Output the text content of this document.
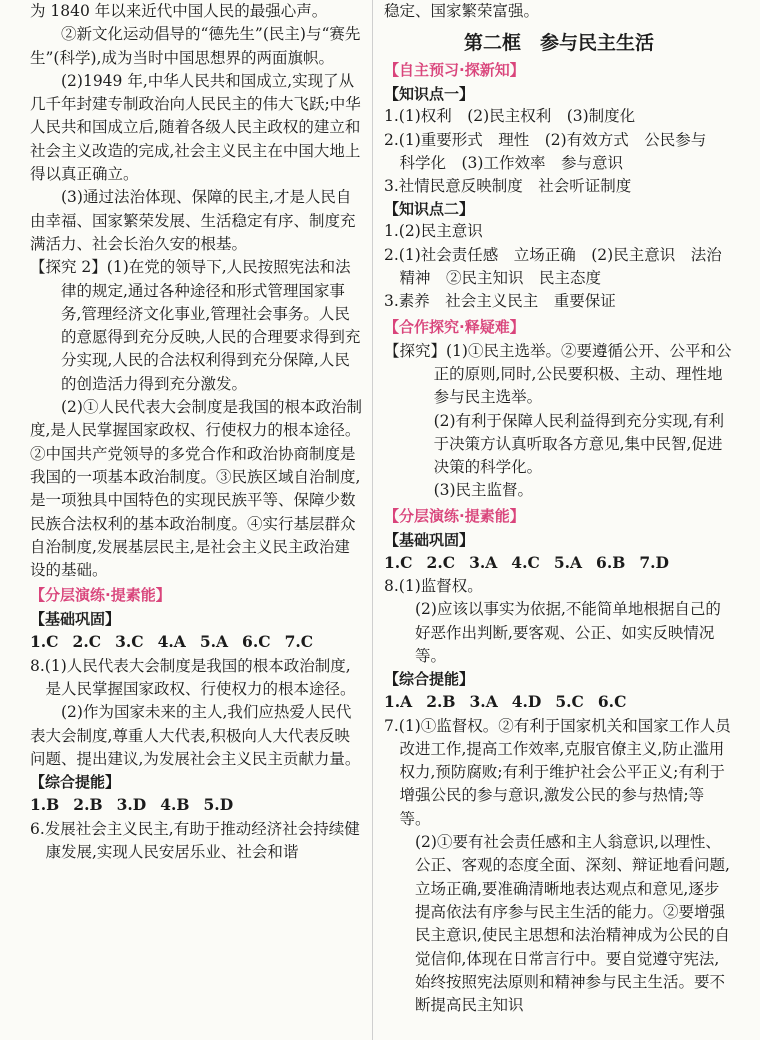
为 1840 年以来近代中国人民的最强心声。

②新文化运动倡导的“德先生”(民主)与“赛先生”(科学),成为当时中国思想界的两面旗帜。

(2)1949 年,中华人民共和国成立,实现了从几千年封建专制政治向人民民主的伟大飞跃;中华人民共和国成立后,随着各级人民主政权的建立和社会主义改造的完成,社会主义民主在中国大地上得以真正确立。

(3)通过法治体现、保障的民主,才是人民自由幸福、国家繁荣发展、生活稳定有序、制度充满活力、社会长治久安的根基。

【探究 2】(1)在党的领导下,人民按照宪法和法律的规定,通过各种途径和形式管理国家事务,管理经济文化事业,管理社会事务。人民的意愿得到充分反映,人民的合理要求得到充分实现,人民的合法权利得到充分保障,人民的创造活力得到充分激发。

(2)①人民代表大会制度是我国的根本政治制度,是人民掌握国家政权、行使权力的根本途径。②中国共产党领导的多党合作和政治协商制度是我国的一项基本政治制度。③民族区域自治制度,是一项独具中国特色的实现民族平等、保障少数民族合法权利的基本政治制度。④实行基层群众自治制度,发展基层民主,是社会主义民主政治建设的基础。

【分层演练·提素能】
【基础巩固】

1.C 2.C 3.C 4.A 5.A 6.C 7.C

8.(1)人民代表大会制度是我国的根本政治制度,是人民掌握国家政权、行使权力的根本途径。

(2)作为国家未来的主人,我们应热爱人民代表大会制度,尊重人大代表,积极向人大代表反映问题、提出建议,为发展社会主义民主贡献力量。

【综合提能】

1.B 2.B 3.D 4.B 5.D

6.发展社会主义民主,有助于推动经济社会持续健康发展,实现人民安居乐业、社会和谐

稳定、国家繁荣富强。

第二框　参与民主生活
【自主预习·探新知】
【知识点一】

1.(1)权利　(2)民主权利　(3)制度化

2.(1)重要形式　理性　(2)有效方式　公民参与　科学化　(3)工作效率　参与意识

3.社情民意反映制度　社会听证制度

【知识点二】

1.(2)民主意识

2.(1)社会责任感　立场正确　(2)民主意识　法治精神　②民主知识　民主态度

3.素养　社会主义民主　重要保证

【合作探究·释疑难】

【探究】(1)①民主选举。②要遵循公开、公平和公正的原则,同时,公民要积极、主动、理性地参与民主选举。

(2)有利于保障人民利益得到充分实现,有利于决策方认真听取各方意见,集中民智,促进决策的科学化。

(3)民主监督。

【分层演练·提素能】
【基础巩固】

1.C 2.C 3.A 4.C 5.A 6.B 7.D

8.(1)监督权。

(2)应该以事实为依据,不能简单地根据自己的好恶作出判断,要客观、公正、如实反映情况等。

【综合提能】

1.A 2.B 3.A 4.D 5.C 6.C

7.(1)①监督权。②有利于国家机关和国家工作人员改进工作,提高工作效率,克服官僚主义,防止滥用权力,预防腐败;有利于维护社会公平正义;有利于增强公民的参与意识,激发公民的参与热情;等等。

(2)①要有社会责任感和主人翁意识,以理性、公正、客观的态度全面、深刻、辩证地看问题,立场正确,要准确清晰地表达观点和意见,逐步提高依法有序参与民主生活的能力。②要增强民主意识,使民主思想和法治精神成为公民的自觉信仰,体现在日常言行中。要自觉遵守宪法,始终按照宪法原则和精神参与民主生活。要不断提高民主知识
